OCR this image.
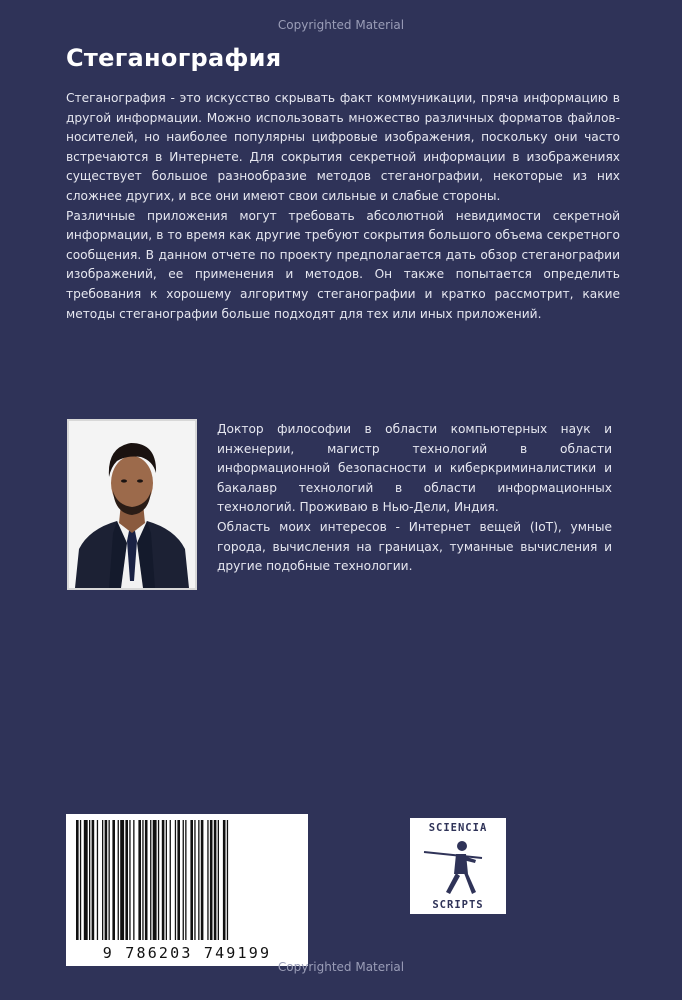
Copyrighted Material
Стеганография

Стеганография - это искусство скрывать факт коммуникации, пряча информацию в другой информации. Можно использовать множество различных форматов файлов-носителей, но наиболее популярны цифровые изображения, поскольку они часто встречаются в Интернете. Для сокрытия секретной информации в изображениях существует большое разнообразие методов стеганографии, некоторые из них сложнее других, и все они имеют свои сильные и слабые стороны.

Различные приложения могут требовать абсолютной невидимости секретной информации, в то время как другие требуют сокрытия большого объема секретного сообщения. В данном отчете по проекту предполагается дать обзор стеганографии изображений, ее применения и методов. Он также попытается определить требования к хорошему алгоритму стеганографии и кратко рассмотрит, какие методы стеганографии больше подходят для тех или иных приложений.

Доктор философии в области компьютерных наук и инженерии, магистр технологий в области информационной безопасности и киберкриминалистики и бакалавр технологий в области информационных технологий. Проживаю в Нью-Дели, Индия.

Область моих интересов - Интернет вещей (IoT), умные города, вычисления на границах, туманные вычисления и другие подобные технологии.

9 786203 749199
SCIENCIA
SCRIPTS
Copyrighted Material
